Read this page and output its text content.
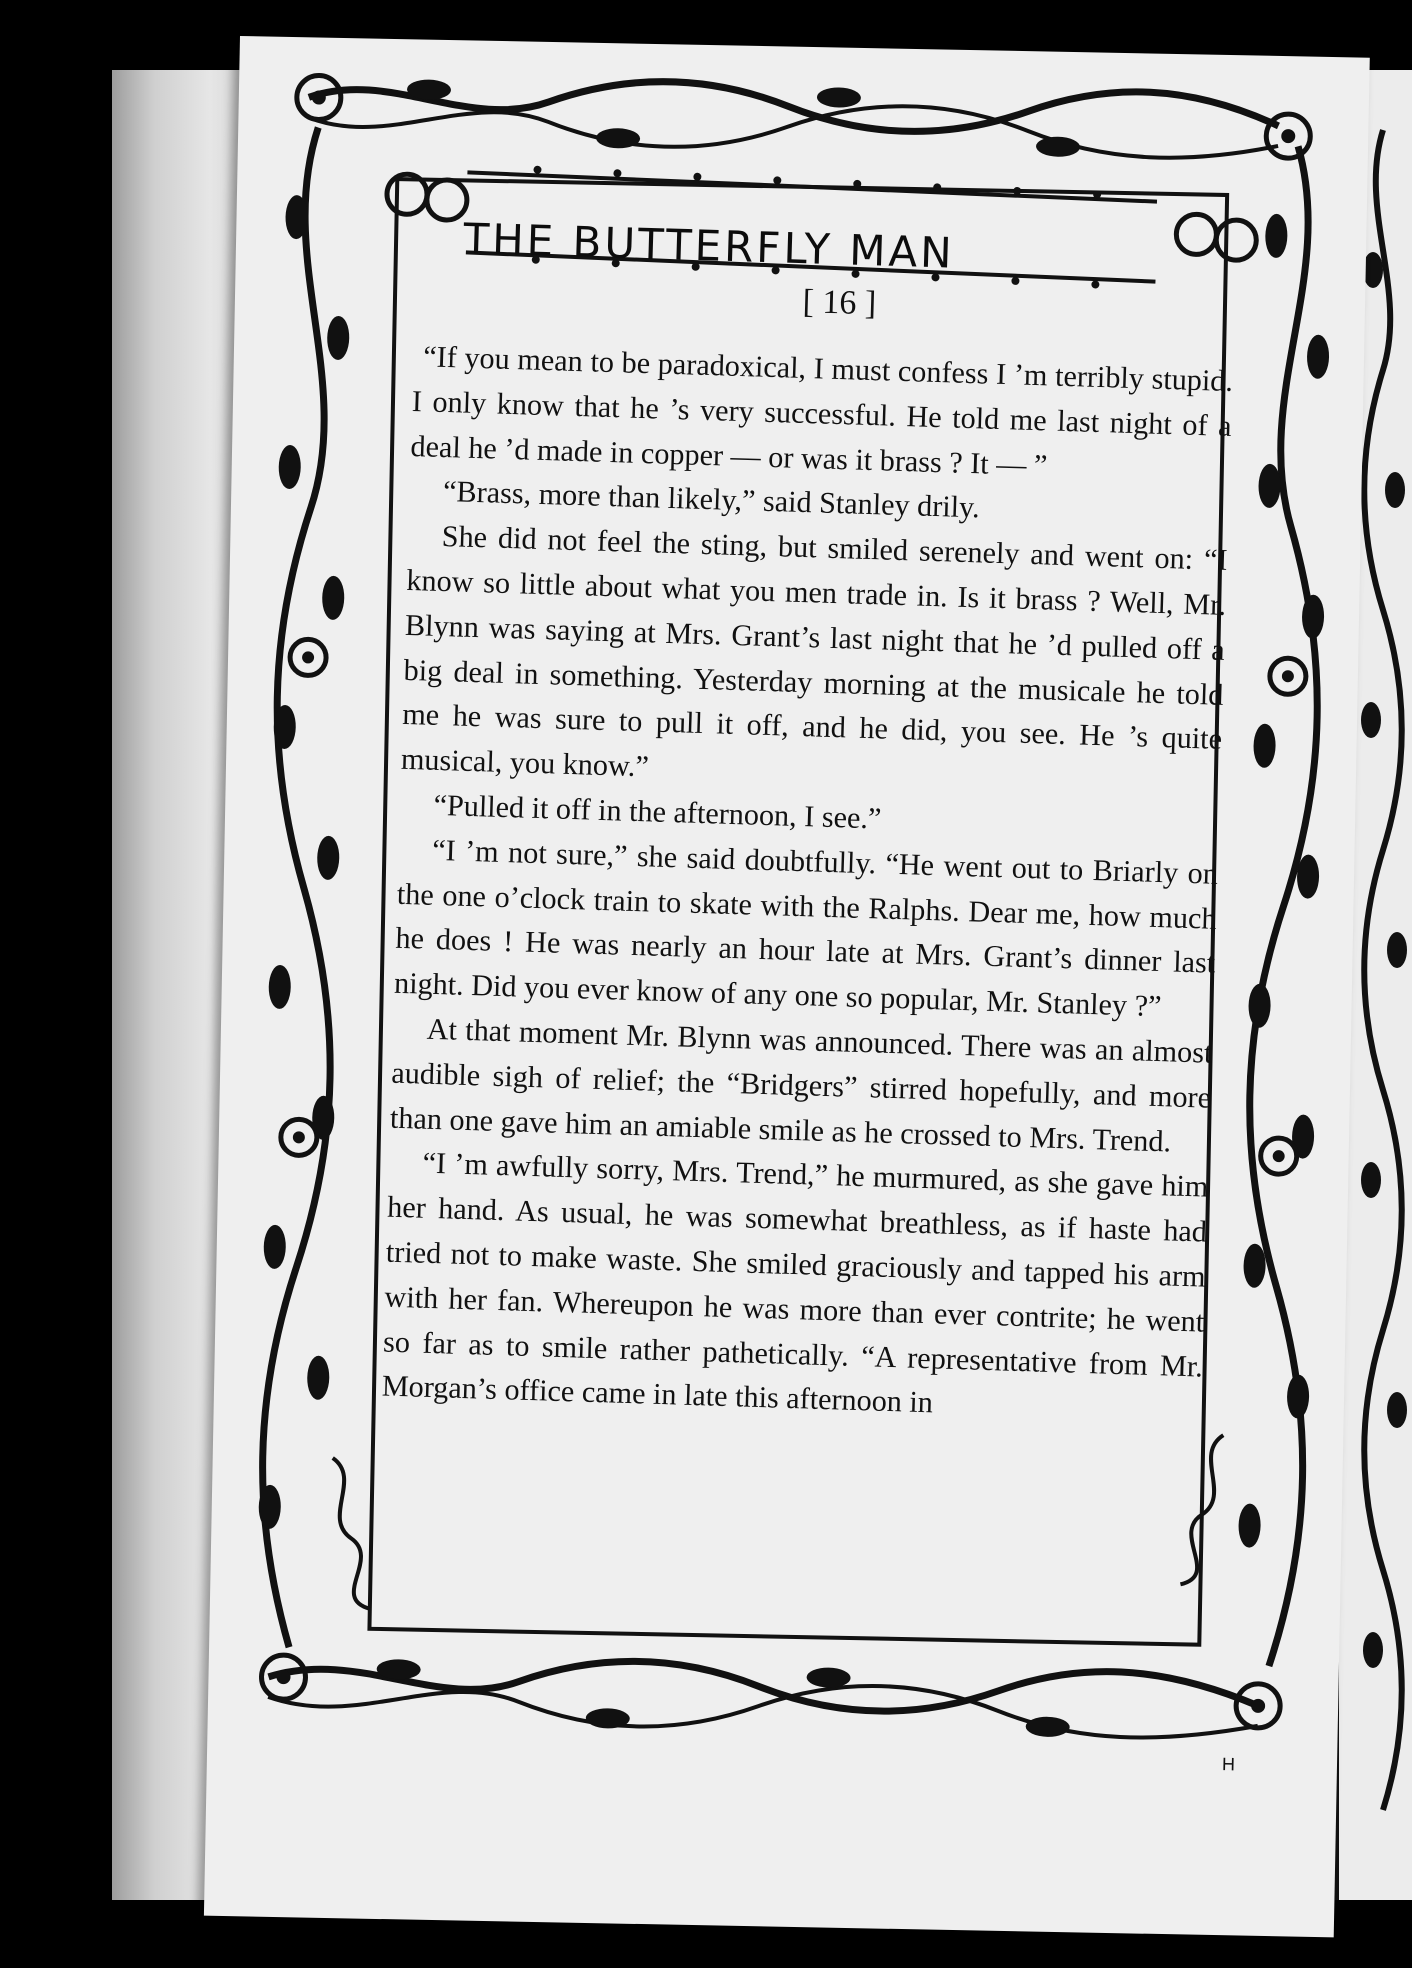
H
THE BUTTERFLY MAN
[ 16 ]

“If you mean to be paradoxical, I must confess I ’m terribly stupid. I only know that he ’s very successful. He told me last night of a deal he ’d made in copper — or was it brass ? It — ”

“Brass, more than likely,” said Stanley drily.

She did not feel the sting, but smiled serenely and went on: “I know so little about what you men trade in. Is it brass ? Well, Mr. Blynn was saying at Mrs. Grant’s last night that he ’d pulled off a big deal in something. Yesterday morning at the musicale he told me he was sure to pull it off, and he did, you see. He ’s quite musical, you know.”

“Pulled it off in the afternoon, I see.”

“I ’m not sure,” she said doubtfully. “He went out to Briarly on the one o’clock train to skate with the Ralphs. Dear me, how much he does ! He was nearly an hour late at Mrs. Grant’s dinner last night. Did you ever know of any one so popular, Mr. Stanley ?”

At that moment Mr. Blynn was announced. There was an almost audible sigh of relief; the “Bridgers” stirred hopefully, and more than one gave him an amiable smile as he crossed to Mrs. Trend.

“I ’m awfully sorry, Mrs. Trend,” he murmured, as she gave him her hand. As usual, he was somewhat breathless, as if haste had tried not to make waste. She smiled graciously and tapped his arm with her fan. Whereupon he was more than ever contrite; he went so far as to smile rather pathetically. “A representative from Mr. Morgan’s office came in late this afternoon in
